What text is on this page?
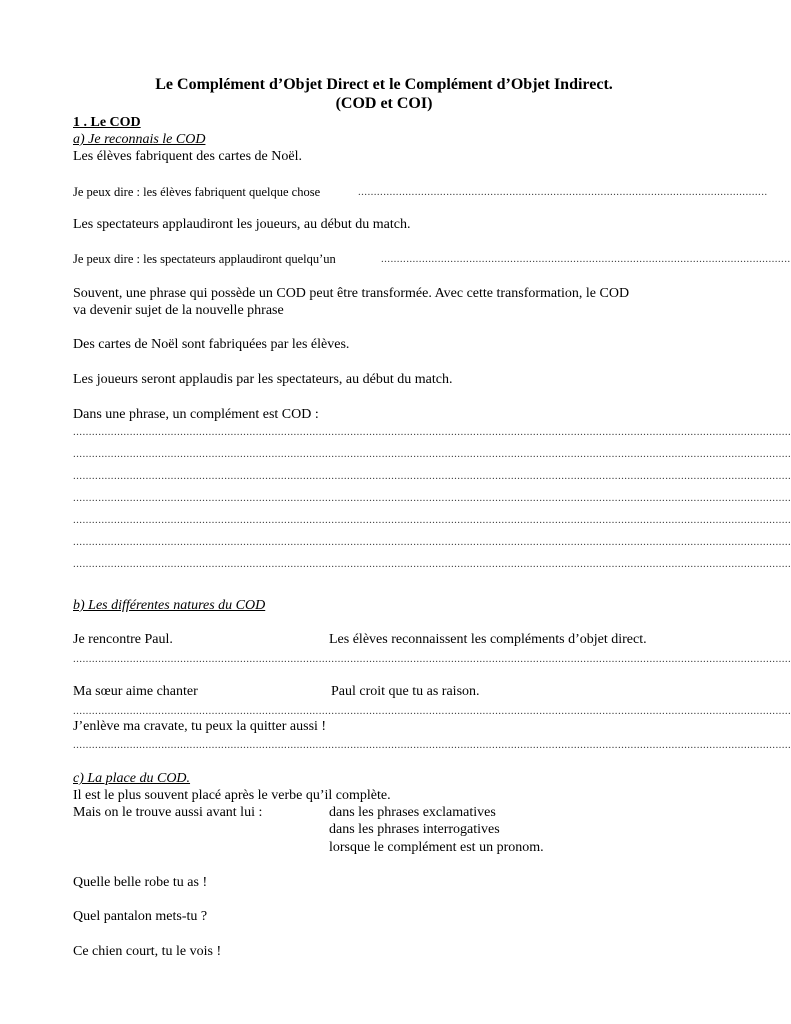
Le Complément d’Objet Direct et le Complément d’Objet Indirect.
(COD et COI)
1 . Le COD
a) Je reconnais le COD
Les élèves fabriquent des cartes de Noël.
Je peux dire : les élèves fabriquent quelque chose	..................................................................................................................................
Les spectateurs applaudiront les joueurs, au début du match.
Je peux dire : les spectateurs applaudiront quelqu’un	..................................................................................................................................
Souvent, une phrase qui possède un COD peut être transformée. Avec cette transformation, le COD
va devenir sujet de la nouvelle phrase
Des cartes de Noël sont fabriquées par les élèves.
Les joueurs seront applaudis par les spectateurs, au début du match.
Dans une phrase, un complément est COD :
....................................................................................................................................................................................................................................
....................................................................................................................................................................................................................................
....................................................................................................................................................................................................................................
....................................................................................................................................................................................................................................
....................................................................................................................................................................................................................................
....................................................................................................................................................................................................................................
....................................................................................................................................................................................................................................
b) Les différentes natures du COD
Je rencontre Paul.	Les élèves reconnaissent les compléments d’objet direct.
....................................................................................................................................................................................................................................
Ma sœur aime chanter	Paul croit que tu as raison.
....................................................................................................................................................................................................................................
J’enlève ma cravate, tu peux la quitter aussi !
....................................................................................................................................................................................................................................
c) La place du COD.
Il est le plus souvent placé après le verbe qu’il complète.
Mais on le trouve aussi avant lui :	dans les phrases exclamatives
dans les phrases interrogatives
lorsque le complément est un pronom.
Quelle belle robe tu as !
Quel pantalon mets-tu ?
Ce chien court, tu le vois !
